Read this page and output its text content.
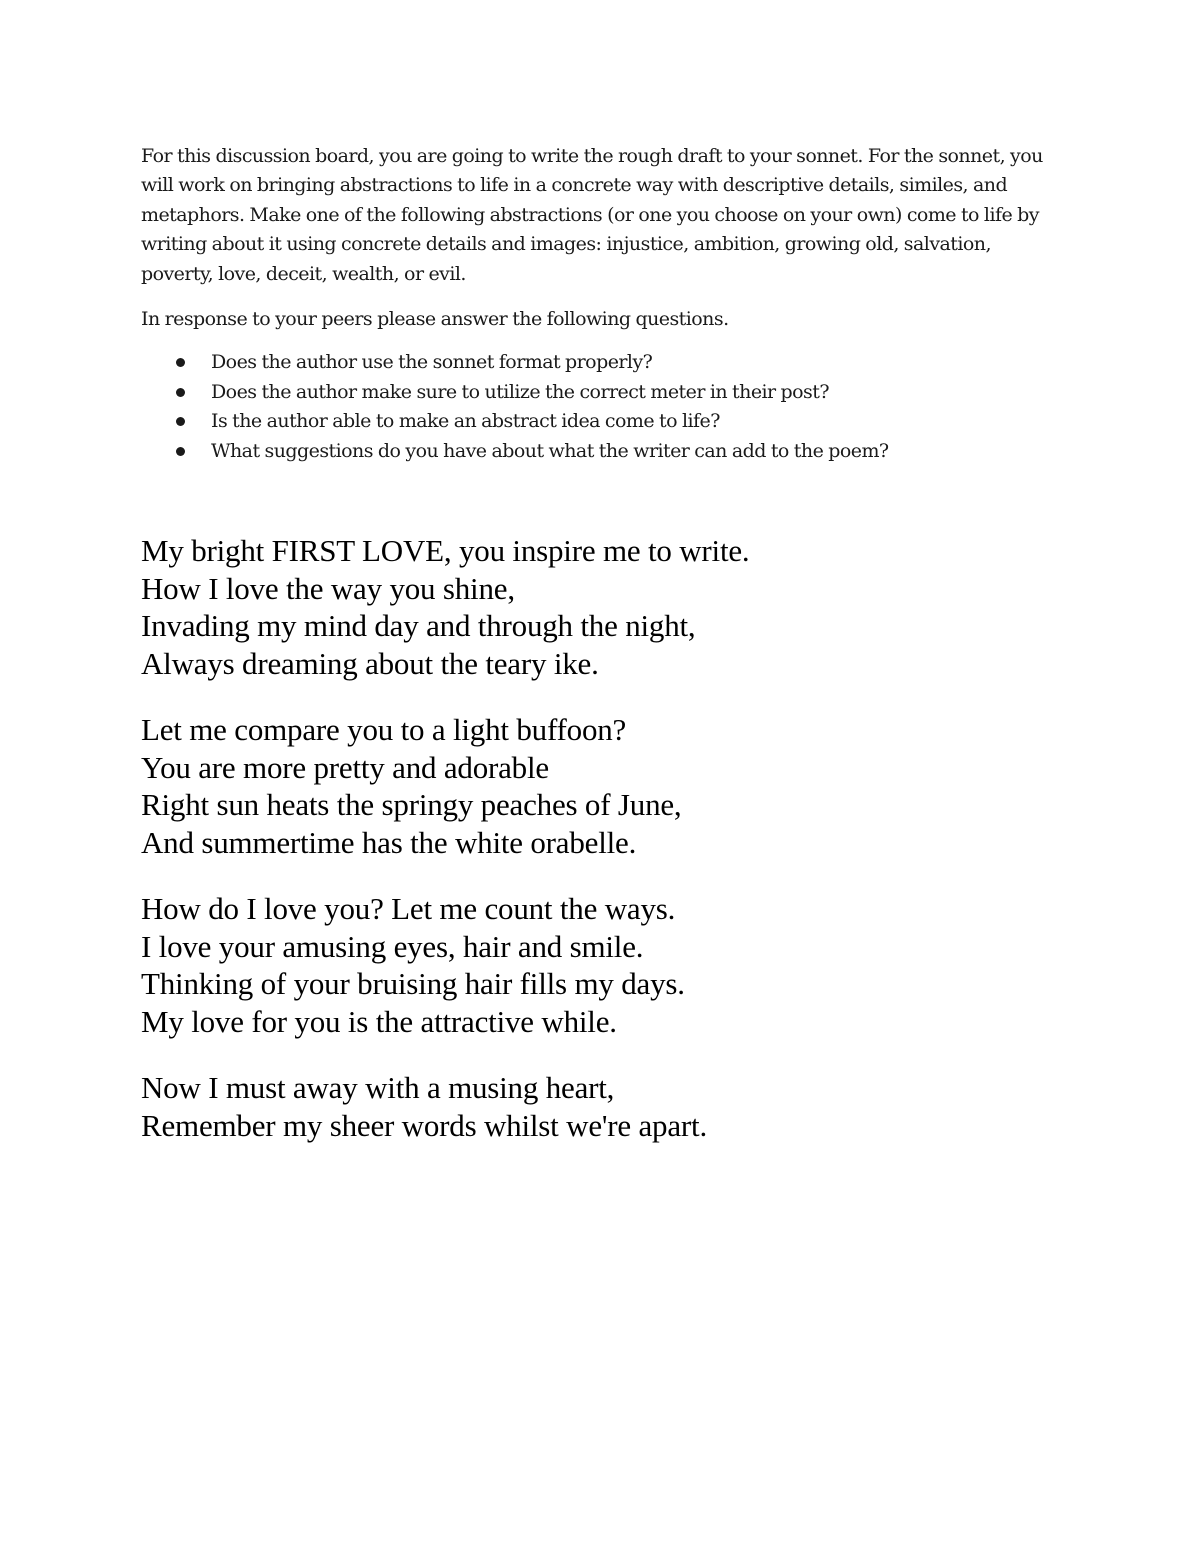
For this discussion board, you are going to write the rough draft to your sonnet. For the sonnet, you will work on bringing abstractions to life in a concrete way with descriptive details, similes, and metaphors. Make one of the following abstractions (or one you choose on your own) come to life by writing about it using concrete details and images: injustice, ambition, growing old, salvation, poverty, love, deceit, wealth, or evil.

In response to your peers please answer the following questions.

Does the author use the sonnet format properly?
Does the author make sure to utilize the correct meter in their post?
Is the author able to make an abstract idea come to life?
What suggestions do you have about what the writer can add to the poem?
My bright FIRST LOVE, you inspire me to write.
How I love the way you shine,
Invading my mind day and through the night,
Always dreaming about the teary ike.
Let me compare you to a light buffoon?
You are more pretty and adorable
Right sun heats the springy peaches of June,
And summertime has the white orabelle.
How do I love you? Let me count the ways.
I love your amusing eyes, hair and smile.
Thinking of your bruising hair fills my days.
My love for you is the attractive while.
Now I must away with a musing heart,
Remember my sheer words whilst we're apart.
